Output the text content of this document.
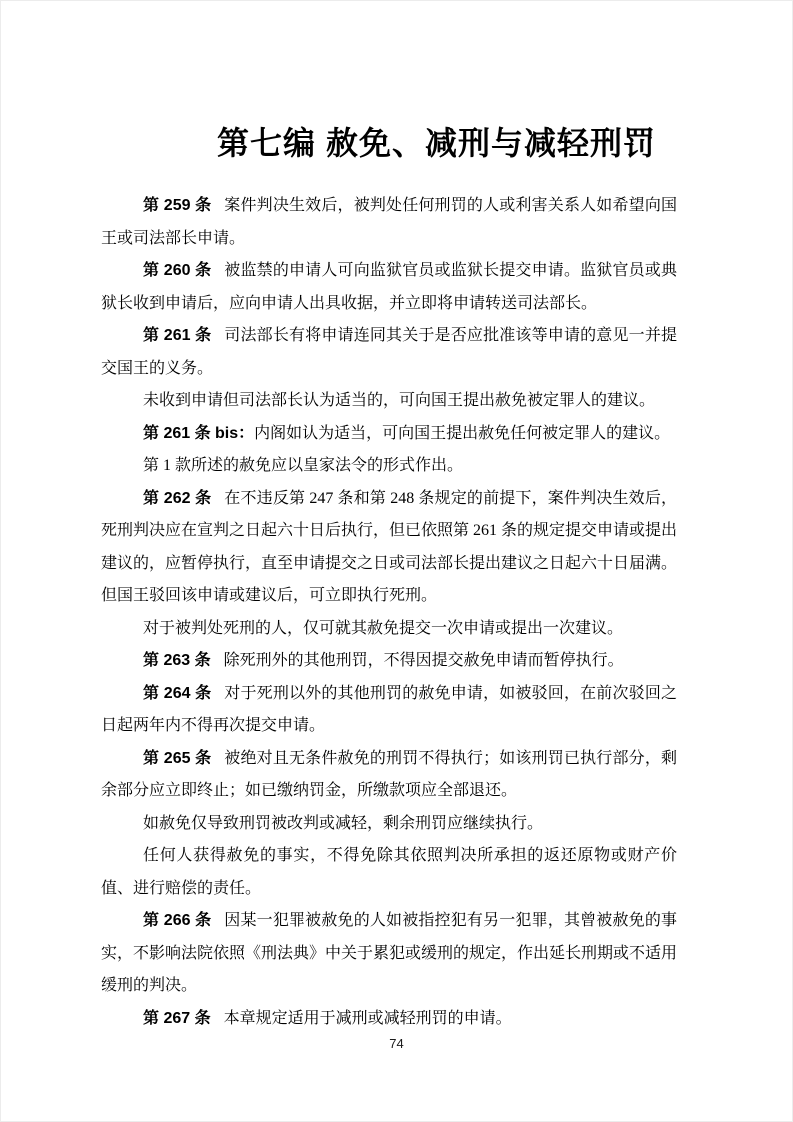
第七编 赦免、减刑与减轻刑罚

第 259 条 案件判决生效后，被判处任何刑罚的人或利害关系人如希望向国王或司法部长申请。

第 260 条 被监禁的申请人可向监狱官员或监狱长提交申请。监狱官员或典狱长收到申请后，应向申请人出具收据，并立即将申请转送司法部长。

第 261 条 司法部长有将申请连同其关于是否应批准该等申请的意见一并提交国王的义务。

未收到申请但司法部长认为适当的，可向国王提出赦免被定罪人的建议。

第 261 条 bis：内阁如认为适当，可向国王提出赦免任何被定罪人的建议。

第 1 款所述的赦免应以皇家法令的形式作出。

第 262 条 在不违反第 247 条和第 248 条规定的前提下，案件判决生效后，死刑判决应在宣判之日起六十日后执行，但已依照第 261 条的规定提交申请或提出建议的，应暂停执行，直至申请提交之日或司法部长提出建议之日起六十日届满。但国王驳回该申请或建议后，可立即执行死刑。

对于被判处死刑的人，仅可就其赦免提交一次申请或提出一次建议。

第 263 条 除死刑外的其他刑罚，不得因提交赦免申请而暂停执行。

第 264 条 对于死刑以外的其他刑罚的赦免申请，如被驳回，在前次驳回之日起两年内不得再次提交申请。

第 265 条 被绝对且无条件赦免的刑罚不得执行；如该刑罚已执行部分，剩余部分应立即终止；如已缴纳罚金，所缴款项应全部退还。

如赦免仅导致刑罚被改判或减轻，剩余刑罚应继续执行。

任何人获得赦免的事实，不得免除其依照判决所承担的返还原物或财产价值、进行赔偿的责任。

第 266 条 因某一犯罪被赦免的人如被指控犯有另一犯罪，其曾被赦免的事实，不影响法院依照《刑法典》中关于累犯或缓刑的规定，作出延长刑期或不适用缓刑的判决。

第 267 条 本章规定适用于减刑或减轻刑罚的申请。

74
